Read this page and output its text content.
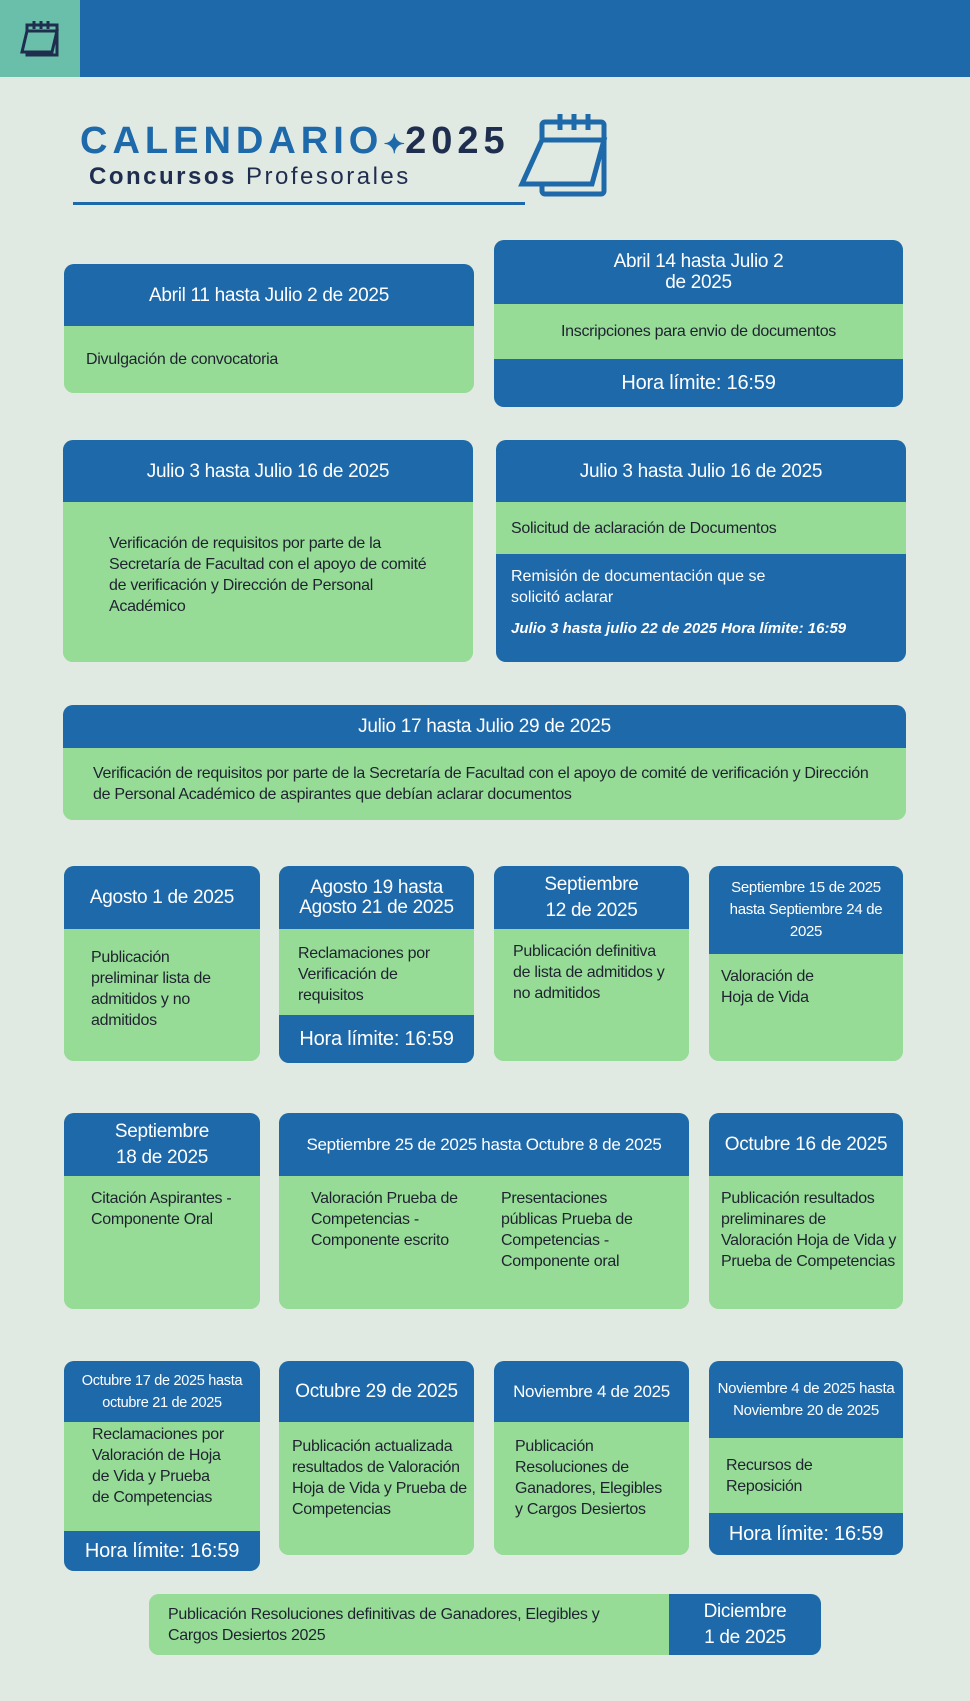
CALENDARIO✦2025
Concursos Profesorales
Abril 11 hasta Julio 2 de 2025
Divulgación de convocatoria
Abril 14 hasta Julio 2 de 2025
Inscripciones para envio de documentos
Hora límite: 16:59
Julio 3 hasta Julio 16 de 2025
Verificación de requisitos por parte de la Secretaría de Facultad con el apoyo de comité de verificación y Dirección de Personal Académico
Julio 3 hasta Julio 16 de 2025
Solicitud de aclaración de Documentos
Remisión de documentación que se solicitó aclarar
Julio 3 hasta julio 22 de 2025 Hora límite: 16:59
Julio 17 hasta Julio 29 de 2025
Verificación de requisitos por parte de la Secretaría de Facultad con el apoyo de comité de verificación y Dirección de Personal Académico de aspirantes que debían aclarar documentos
Agosto 1 de 2025
Publicación preliminar lista de admitidos y no admitidos
Agosto 19 hasta Agosto 21 de 2025
Reclamaciones por Verificación de requisitos
Hora límite: 16:59
Septiembre 12 de 2025
Publicación definitiva de lista de admitidos y no admitidos
Septiembre 15 de 2025 hasta Septiembre 24 de 2025
Valoración de Hoja de Vida
Septiembre 18 de 2025
Citación Aspirantes - Componente Oral
Septiembre 25 de 2025 hasta Octubre 8 de 2025
Valoración Prueba de Competencias - Componente escrito
Presentaciones públicas Prueba de Competencias - Componente oral
Octubre 16 de 2025
Publicación resultados preliminares de Valoración Hoja de Vida y Prueba de Competencias
Octubre 17 de 2025 hasta octubre 21 de 2025
Reclamaciones por Valoración de Hoja de Vida y Prueba de Competencias
Hora límite: 16:59
Octubre 29 de 2025
Publicación actualizada resultados de Valoración Hoja de Vida y Prueba de Competencias
Noviembre 4 de 2025
Publicación Resoluciones de Ganadores, Elegibles y Cargos Desiertos
Noviembre 4 de 2025 hasta Noviembre 20 de 2025
Recursos de Reposición
Hora límite: 16:59
Publicación Resoluciones definitivas de Ganadores, Elegibles y Cargos Desiertos 2025
Diciembre 1 de 2025
